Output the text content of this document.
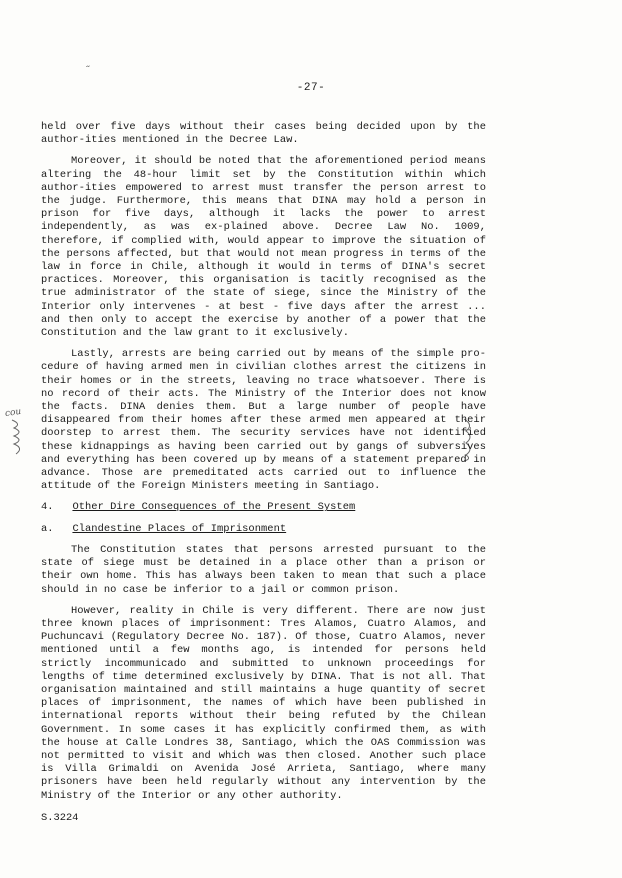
˝
-27-
cou

held over five days without their cases being decided upon by the author-ities mentioned in the Decree Law.

Moreover, it should be noted that the aforementioned period means altering the 48-hour limit set by the Constitution within which author-ities empowered to arrest must transfer the person arrest to the judge. Furthermore, this means that DINA may hold a person in prison for five days, although it lacks the power to arrest independently, as was ex-plained above. Decree Law No. 1009, therefore, if complied with, would appear to improve the situation of the persons affected, but that would not mean progress in terms of the law in force in Chile, although it would in terms of DINA's secret practices. Moreover, this organisation is tacitly recognised as the true administrator of the state of siege, since the Ministry of the Interior only intervenes - at best - five days after the arrest ... and then only to accept the exercise by another of a power that the Constitution and the law grant to it exclusively.

Lastly, arrests are being carried out by means of the simple pro-cedure of having armed men in civilian clothes arrest the citizens in their homes or in the streets, leaving no trace whatsoever. There is no record of their acts. The Ministry of the Interior does not know the facts. DINA denies them. But a large number of people have disappeared from their homes after these armed men appeared at their doorstep to arrest them. The security services have not identified these kidnappings as having been carried out by gangs of subversives and everything has been covered up by means of a statement prepared in advance. Those are premeditated acts carried out to influence the attitude of the Foreign Ministers meeting in Santiago.

4. Other Dire Consequences of the Present System

a. Clandestine Places of Imprisonment

The Constitution states that persons arrested pursuant to the state of siege must be detained in a place other than a prison or their own home. This has always been taken to mean that such a place should in no case be inferior to a jail or common prison.

However, reality in Chile is very different. There are now just three known places of imprisonment: Tres Alamos, Cuatro Alamos, and Puchuncavi (Regulatory Decree No. 187). Of those, Cuatro Alamos, never mentioned until a few months ago, is intended for persons held strictly incommunicado and submitted to unknown proceedings for lengths of time determined exclusively by DINA. That is not all. That organisation maintained and still maintains a huge quantity of secret places of imprisonment, the names of which have been published in international reports without their being refuted by the Chilean Government. In some cases it has explicitly confirmed them, as with the house at Calle Londres 38, Santiago, which the OAS Commission was not permitted to visit and which was then closed. Another such place is Villa Grimaldi on Avenida José Arrieta, Santiago, where many prisoners have been held regularly without any intervention by the Ministry of the Interior or any other authority.

S.3224
